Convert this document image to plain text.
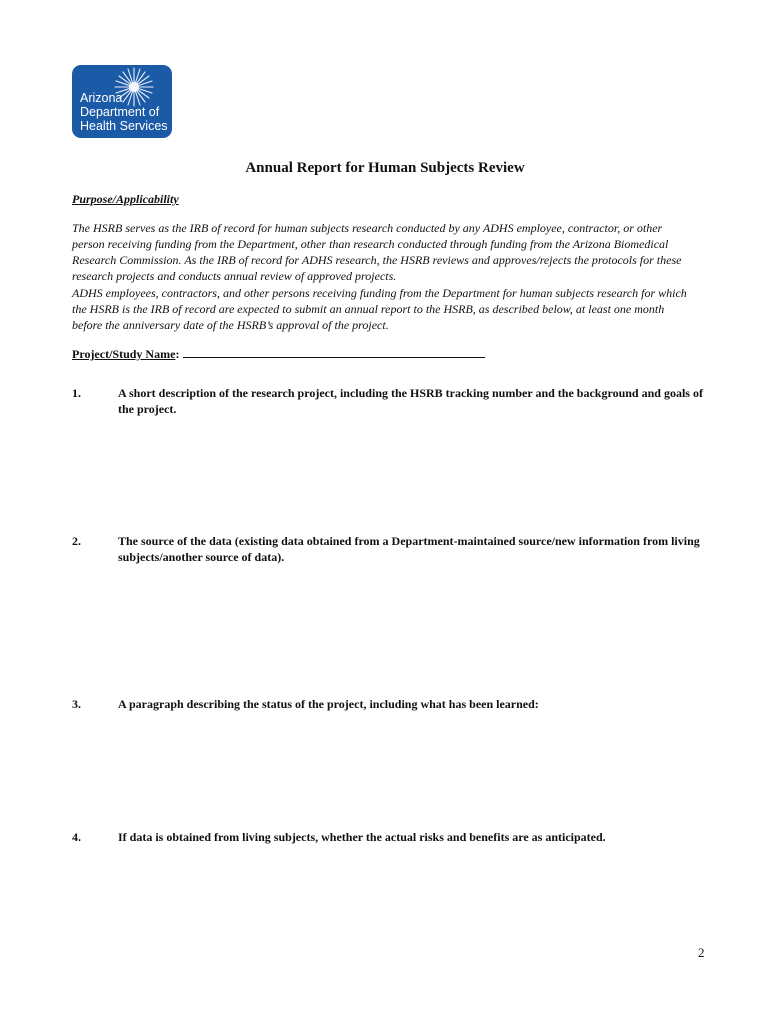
Arizona
Department of
Health Services
Annual Report for Human Subjects Review
Purpose/Applicability
The HSRB serves as the IRB of record for human subjects research conducted by any ADHS employee, contractor, or other
person receiving funding from the Department, other than research conducted through funding from the Arizona Biomedical
Research Commission. As the IRB of record for ADHS research, the HSRB reviews and approves/rejects the protocols for these
research projects and conducts annual review of approved projects.
ADHS employees, contractors, and other persons receiving funding from the Department for human subjects research for which
the HSRB is the IRB of record are expected to submit an annual report to the HSRB, as described below, at least one month
before the anniversary date of the HSRB’s approval of the project.
Project/Study Name:
1.	A short description of the research project, including the HSRB tracking number and the background and goals of the project.
2.	The source of the data (existing data obtained from a Department-maintained source/new information from living subjects/another source of data).
3.	A paragraph describing the status of the project, including what has been learned:
4.	If data is obtained from living subjects, whether the actual risks and benefits are as anticipated.
2
